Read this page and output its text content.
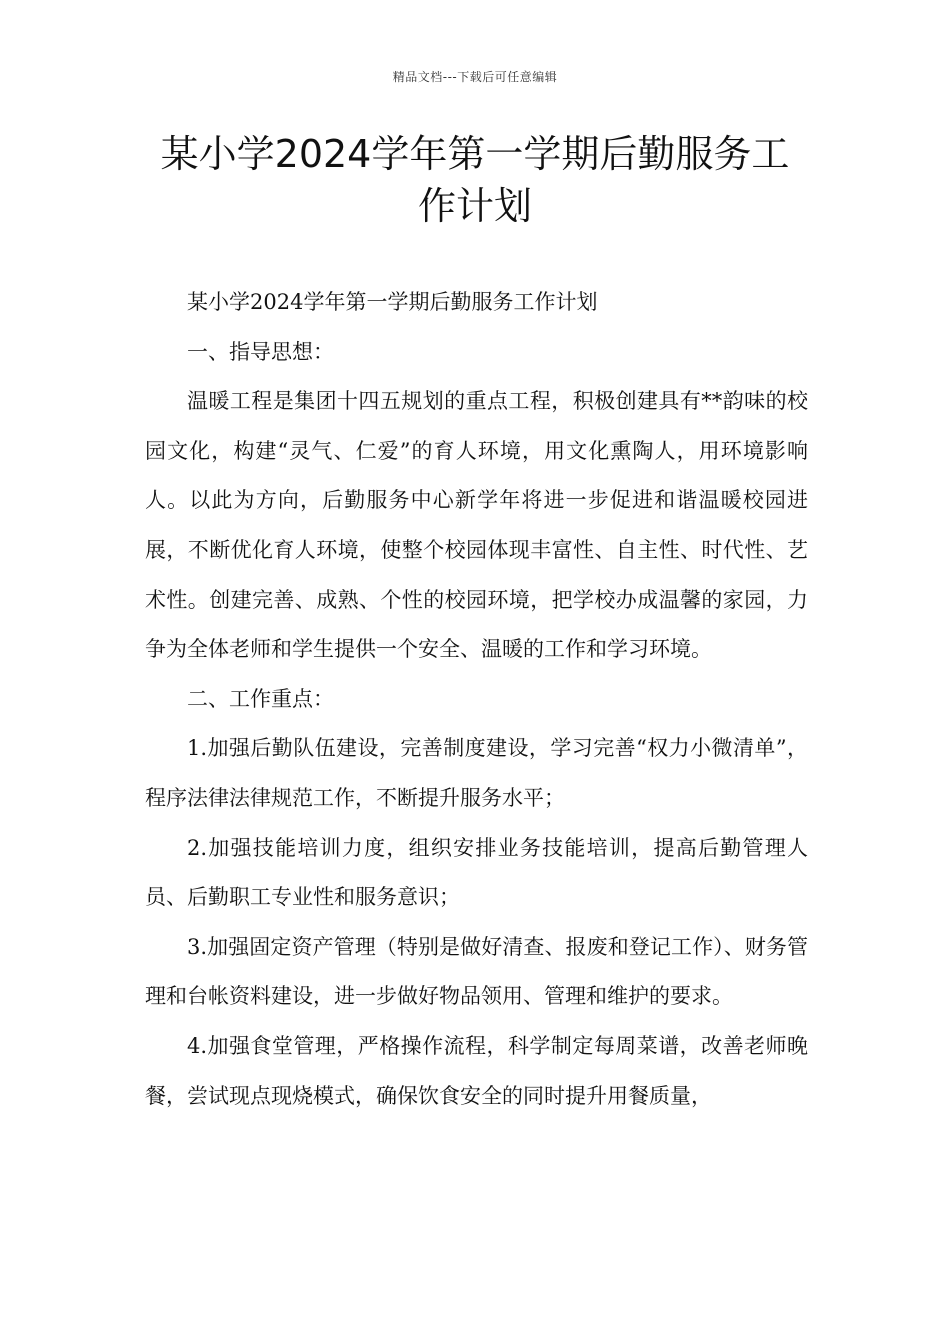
精品文档---下载后可任意编辑
某小学2024学年第一学期后勤服务工作计划

某小学2024学年第一学期后勤服务工作计划

一、指导思想：

温暖工程是集团十四五规划的重点工程，积极创建具有**韵味的校园文化，构建“灵气、仁爱”的育人环境，用文化熏陶人，用环境影响人。以此为方向，后勤服务中心新学年将进一步促进和谐温暖校园进展，不断优化育人环境，使整个校园体现丰富性、自主性、时代性、艺术性。创建完善、成熟、个性的校园环境，把学校办成温馨的家园，力争为全体老师和学生提供一个安全、温暖的工作和学习环境。

二、工作重点：

1.加强后勤队伍建设，完善制度建设，学习完善“权力小微清单”，程序法律法律规范工作，不断提升服务水平；

2.加强技能培训力度，组织安排业务技能培训，提高后勤管理人员、后勤职工专业性和服务意识；

3.加强固定资产管理（特别是做好清查、报废和登记工作）、财务管理和台帐资料建设，进一步做好物品领用、管理和维护的要求。

4.加强食堂管理，严格操作流程，科学制定每周菜谱，改善老师晚餐，尝试现点现烧模式，确保饮食安全的同时提升用餐质量，
